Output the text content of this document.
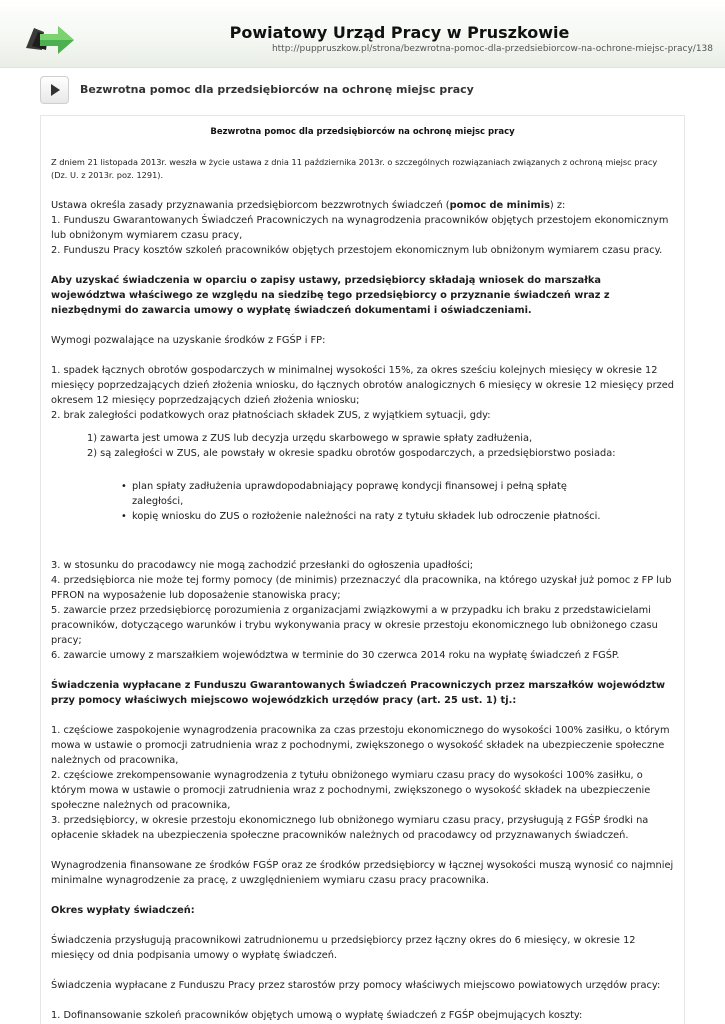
Powiatowy Urząd Pracy w Pruszkowie
http://puppruszkow.pl/strona/bezwrotna-pomoc-dla-przedsiebiorcow-na-ochrone-miejsc-pracy/138
Bezwrotna pomoc dla przedsiębiorców na ochronę miejsc pracy
Bezwrotna pomoc dla przedsiębiorców na ochronę miejsc pracy
Z dniem 21 listopada 2013r. weszła w życie ustawa z dnia 11 października 2013r. o szczególnych rozwiązaniach związanych z ochroną miejsc pracy (Dz. U. z 2013r. poz. 1291).

Ustawa określa zasady przyznawania przedsiębiorcom bezzwrotnych świadczeń (pomoc de minimis) z:

1. Funduszu Gwarantowanych Świadczeń Pracowniczych na wynagrodzenia pracowników objętych przestojem ekonomicznym lub obniżonym wymiarem czasu pracy,

2. Funduszu Pracy kosztów szkoleń pracowników objętych przestojem ekonomicznym lub obniżonym wymiarem czasu pracy.

Aby uzyskać świadczenia w oparciu o zapisy ustawy, przedsiębiorcy składają wniosek do marszałka województwa właściwego ze względu na siedzibę tego przedsiębiorcy o przyznanie świadczeń wraz z niezbędnymi do zawarcia umowy o wypłatę świadczeń dokumentami i oświadczeniami.

Wymogi pozwalające na uzyskanie środków z FGŚP i FP:

1. spadek łącznych obrotów gospodarczych w minimalnej wysokości 15%, za okres sześciu kolejnych miesięcy w okresie 12 miesięcy poprzedzających dzień złożenia wniosku, do łącznych obrotów analogicznych 6 miesięcy w okresie 12 miesięcy przed okresem 12 miesięcy poprzedzających dzień złożenia wniosku;

2. brak zaległości podatkowych oraz płatnościach składek ZUS, z wyjątkiem sytuacji, gdy:

1) zawarta jest umowa z ZUS lub decyzja urzędu skarbowego w sprawie spłaty zadłużenia,

2) są zaległości w ZUS, ale powstały w okresie spadku obrotów gospodarczych, a przedsiębiorstwo posiada:

• plan spłaty zadłużenia uprawdopodabniający poprawę kondycji finansowej i pełną spłatę zaległości,
• kopię wniosku do ZUS o rozłożenie należności na raty z tytułu składek lub odroczenie płatności.

3. w stosunku do pracodawcy nie mogą zachodzić przesłanki do ogłoszenia upadłości;

4. przedsiębiorca nie może tej formy pomocy (de minimis) przeznaczyć dla pracownika, na którego uzyskał już pomoc z FP lub PFRON na wyposażenie lub doposażenie stanowiska pracy;

5. zawarcie przez przedsiębiorcę porozumienia z organizacjami związkowymi a w przypadku ich braku z przedstawicielami pracowników, dotyczącego warunków i trybu wykonywania pracy w okresie przestoju ekonomicznego lub obniżonego czasu pracy;

6. zawarcie umowy z marszałkiem województwa w terminie do 30 czerwca 2014 roku na wypłatę świadczeń z FGŚP.

Świadczenia wypłacane z Funduszu Gwarantowanych Świadczeń Pracowniczych przez marszałków województw przy pomocy właściwych miejscowo wojewódzkich urzędów pracy (art. 25 ust. 1) tj.:

1. częściowe zaspokojenie wynagrodzenia pracownika za czas przestoju ekonomicznego do wysokości 100% zasiłku, o którym mowa w ustawie o promocji zatrudnienia wraz z pochodnymi, zwiększonego o wysokość składek na ubezpieczenie społeczne należnych od pracownika,

2. częściowe zrekompensowanie wynagrodzenia z tytułu obniżonego wymiaru czasu pracy do wysokości 100% zasiłku, o którym mowa w ustawie o promocji zatrudnienia wraz z pochodnymi, zwiększonego o wysokość składek na ubezpieczenie społeczne należnych od pracownika,

3. przedsiębiorcy, w okresie przestoju ekonomicznego lub obniżonego wymiaru czasu pracy, przysługują z FGŚP środki na opłacenie składek na ubezpieczenia społeczne pracowników należnych od pracodawcy od przyznawanych świadczeń.

Wynagrodzenia finansowane ze środków FGŚP oraz ze środków przedsiębiorcy w łącznej wysokości muszą wynosić co najmniej minimalne wynagrodzenie za pracę, z uwzględnieniem wymiaru czasu pracy pracownika.

Okres wypłaty świadczeń:

Świadczenia przysługują pracownikowi zatrudnionemu u przedsiębiorcy przez łączny okres do 6 miesięcy, w okresie 12 miesięcy od dnia podpisania umowy o wypłatę świadczeń.

Świadczenia wypłacane z Funduszu Pracy przez starostów przy pomocy właściwych miejscowo powiatowych urzędów pracy:

1. Dofinansowanie szkoleń pracowników objętych umową o wypłatę świadczeń z FGŚP obejmujących koszty:
